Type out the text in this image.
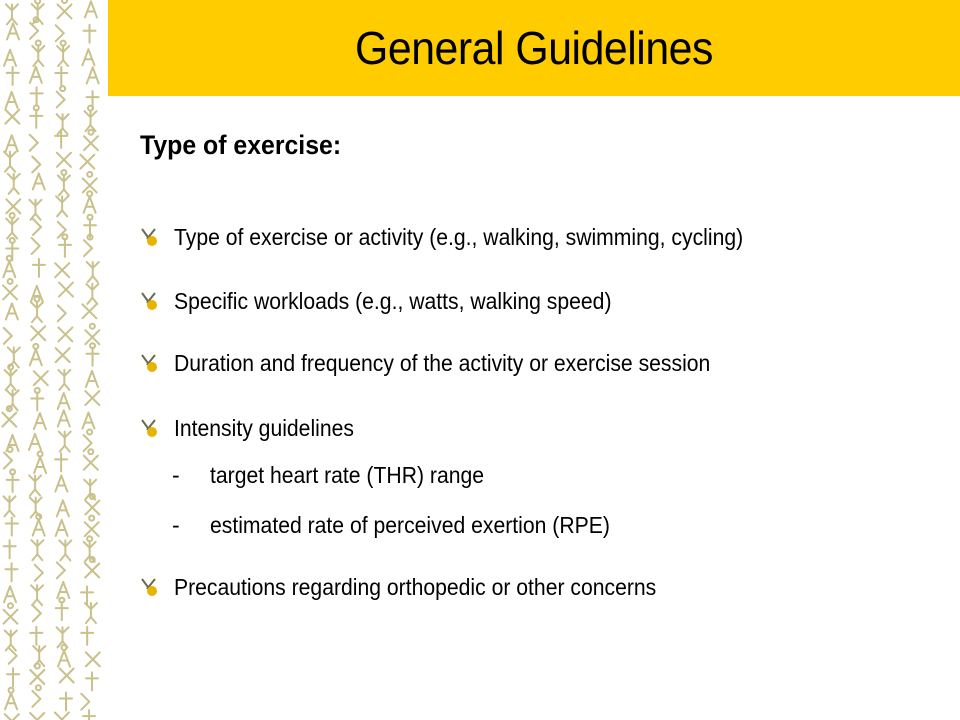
General Guidelines
Type of exercise:
Type of exercise or activity (e.g., walking, swimming, cycling)
Specific workloads (e.g., watts, walking speed)
Duration and frequency of the activity or exercise session
Intensity guidelines
- target heart rate (THR) range
- estimated rate of perceived exertion (RPE)
Precautions regarding orthopedic or other concerns
